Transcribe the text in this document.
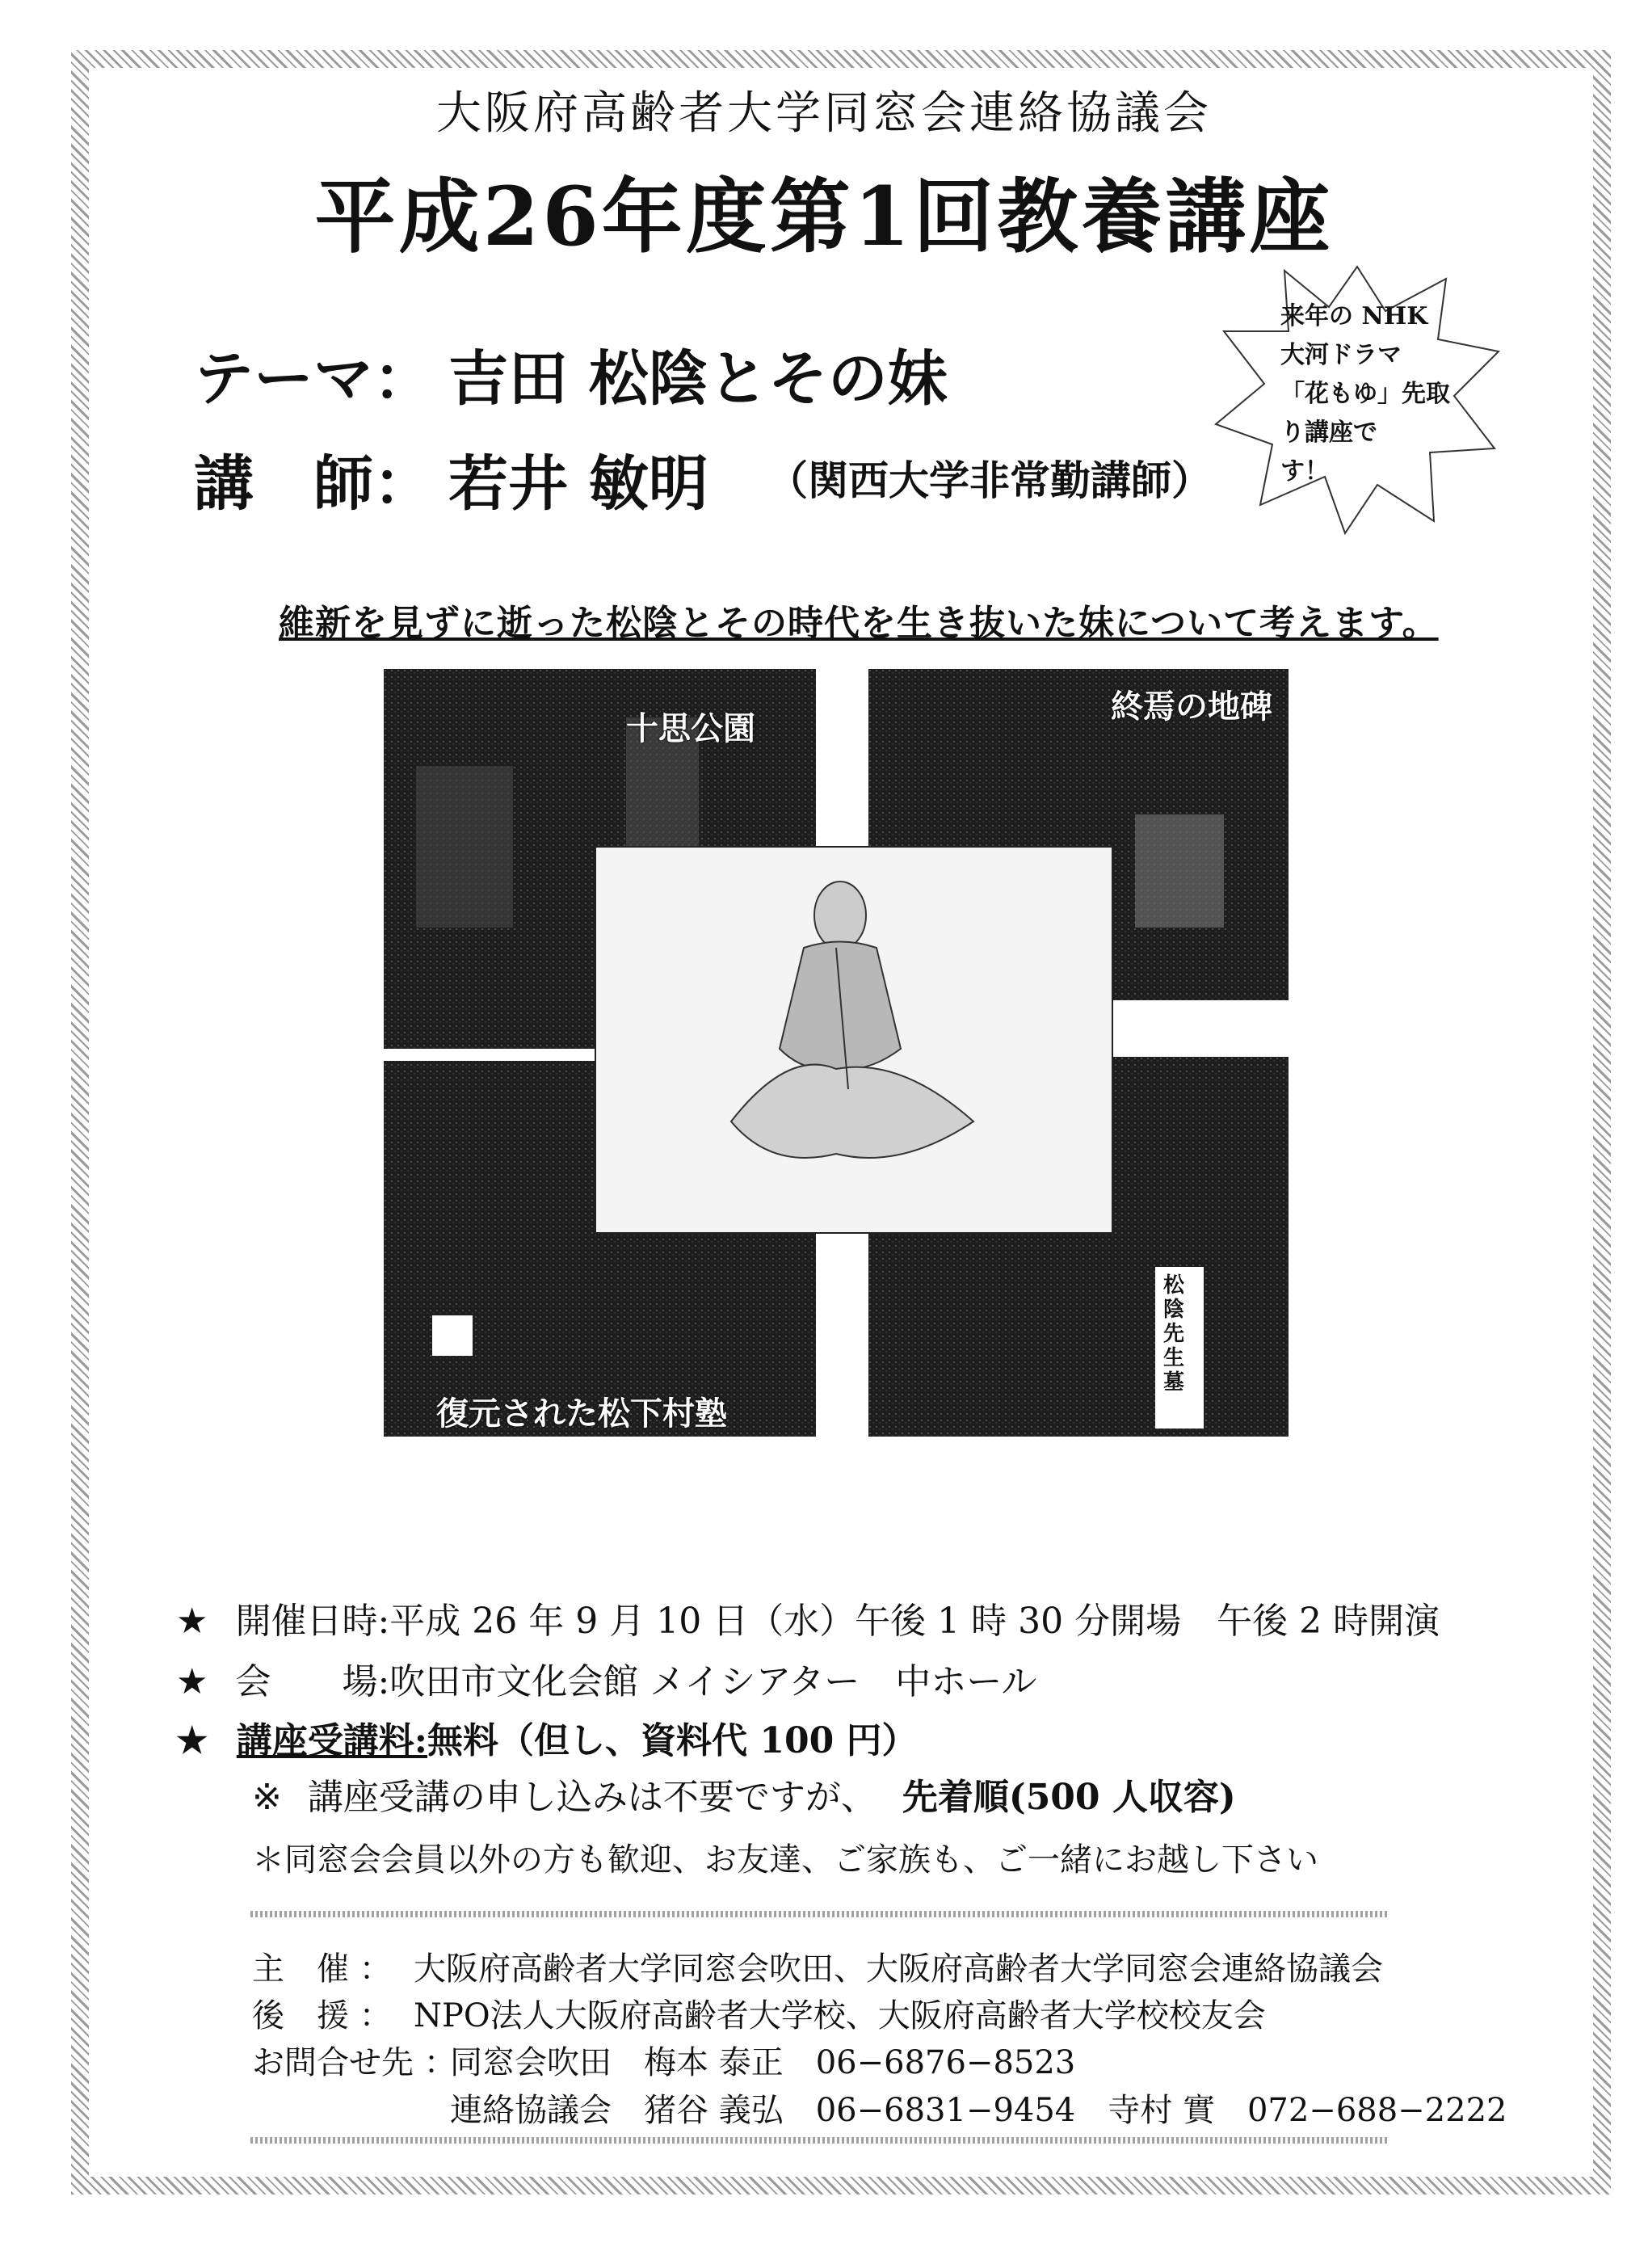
大阪府高齢者大学同窓会連絡協議会
平成26年度第1回教養講座
テーマ： 吉田 松陰とその妹
講　師： 若井 敏明 （関西大学非常勤講師）
来年の NHK
大河ドラマ
「花もゆ」先取
り講座で
す！
維新を見ずに逝った松陰とその時代を生き抜いた妹について考えます。
十思公園
終焉の地碑
復元された松下村塾
松陰先生墓
★ 開催日時:平成 26 年 9 月 10 日（水）午後 1 時 30 分開場　午後 2 時開演
★ 会　　場:吹田市文化会館 メイシアター　中ホール
★ 講座受講料:無料（但し、資料代 100 円）
※ 講座受講の申し込みは不要ですが、 先着順(500 人収容)
＊同窓会会員以外の方も歓迎、お友達、ご家族も、ご一緒にお越し下さい
主　催 ： 大阪府高齢者大学同窓会吹田、大阪府高齢者大学同窓会連絡協議会
後　援 ： NPO法人大阪府高齢者大学校、大阪府高齢者大学校校友会
お問合せ先 ：同窓会吹田　梅本 泰正　06−6876−8523
連絡協議会　猪谷 義弘　06−6831−9454　寺村 實　072−688−2222
